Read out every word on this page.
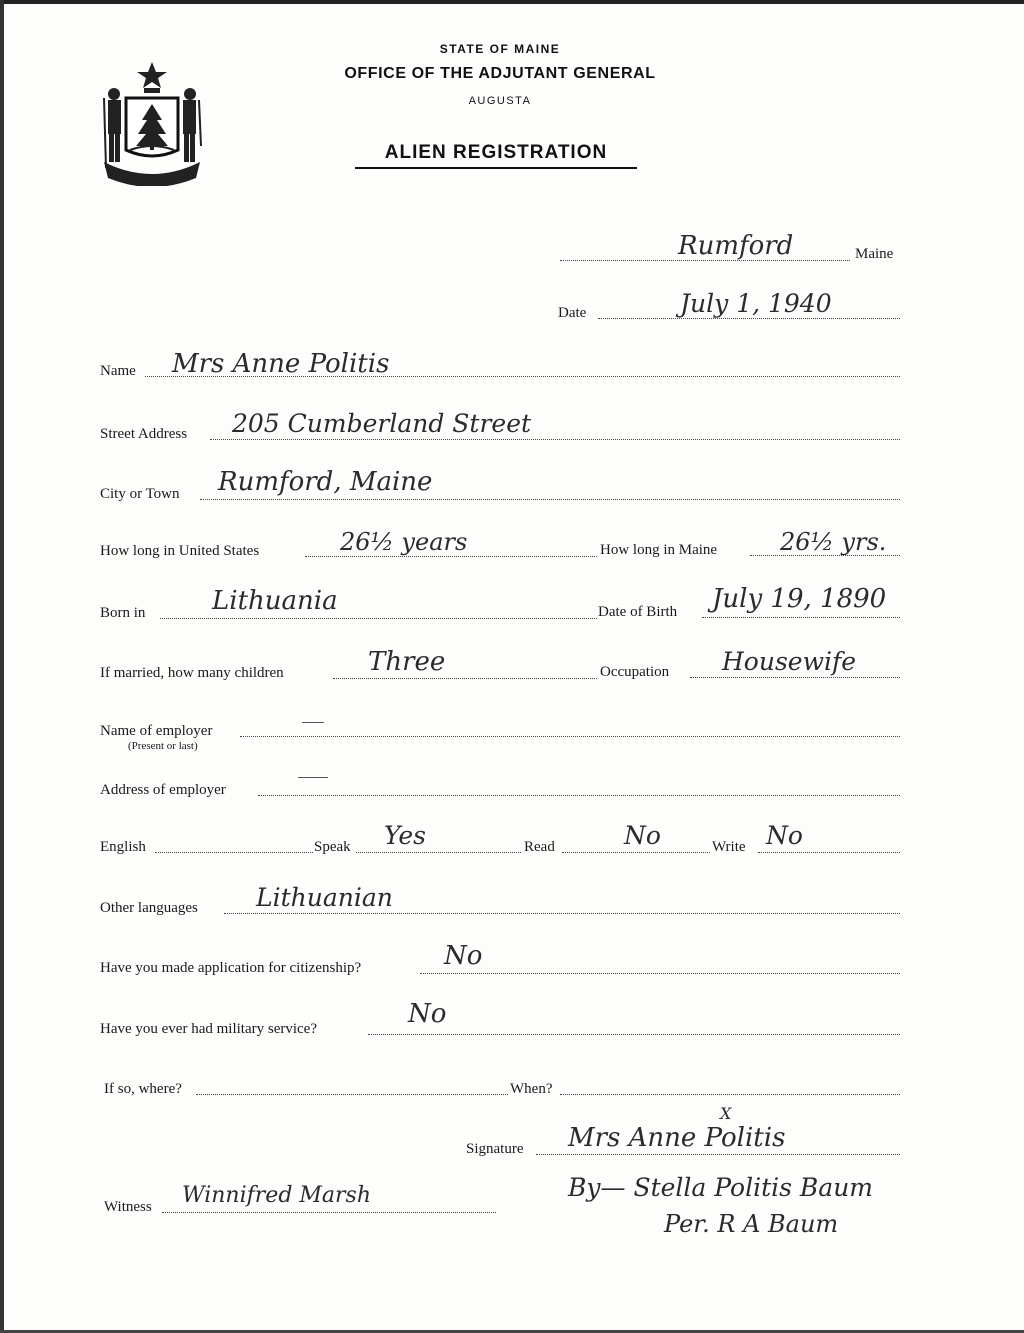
STATE OF MAINE
OFFICE OF THE ADJUTANT GENERAL
AUGUSTA
ALIEN REGISTRATION
Rumford	Maine
Date	July 1, 1940
Name Mrs Anne Politis
Street Address 205 Cumberland Street
City or Town Rumford, Maine
How long in United States	26½ years	How long in Maine	26½ yrs.
Born in	Lithuania	Date of Birth July 19, 1890
If married, how many children	Three	Occupation Housewife
Name of employer
(Present or last)
Address of employer
English	Speak Yes	Read	No	Write No
Other languages Lithuanian
Have you made application for citizenship?	No
Have you ever had military service?	No
If so, where?	When?
Signature Mrs Anne Politis
X
By— Stella Politis Baum
Per. R A Baum
Witness Winnifred Marsh
